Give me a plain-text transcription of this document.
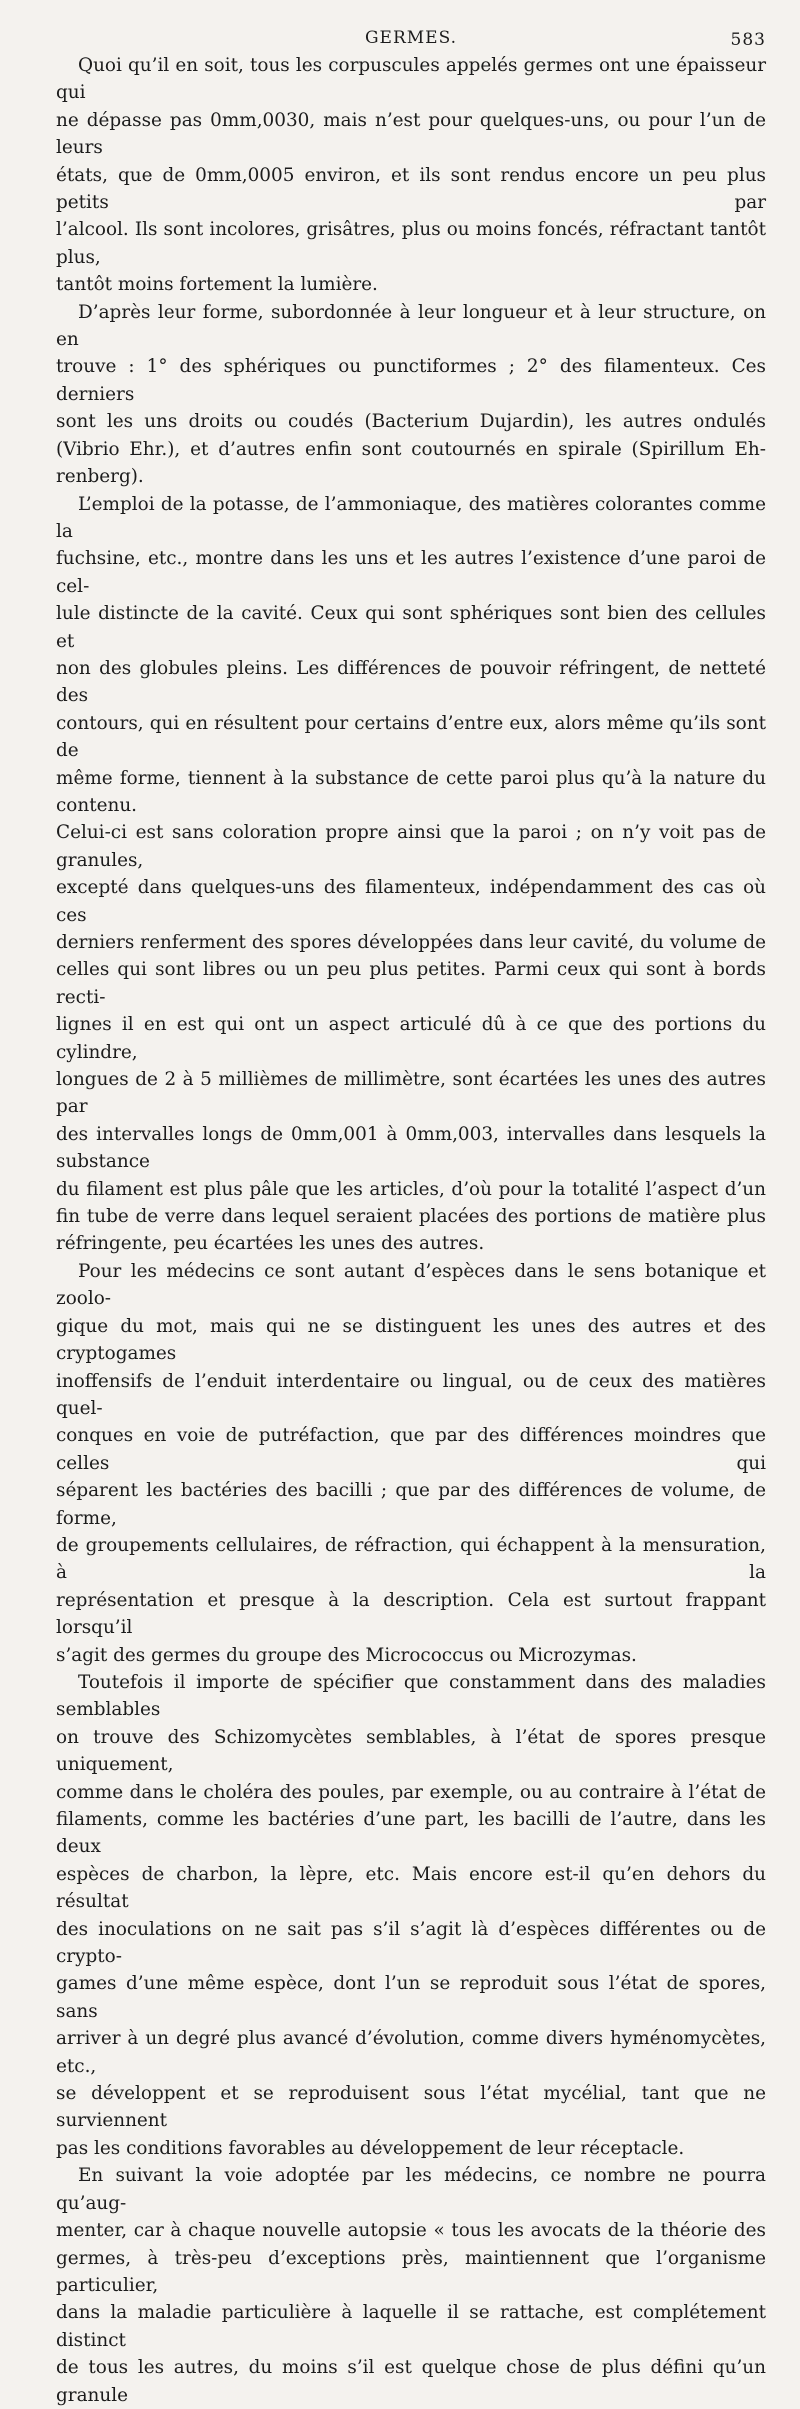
GERMES.	583

Quoi qu’il en soit, tous les corpuscules appelés germes ont une épaisseur qui
ne dépasse pas 0mm,0030, mais n’est pour quelques-uns, ou pour l’un de leurs
états, que de 0mm,0005 environ, et ils sont rendus encore un peu plus petits par
l’alcool. Ils sont incolores, grisâtres, plus ou moins foncés, réfractant tantôt plus,
tantôt moins fortement la lumière.

D’après leur forme, subordonnée à leur longueur et à leur structure, on en
trouve : 1° des sphériques ou punctiformes ; 2° des filamenteux. Ces derniers
sont les uns droits ou coudés (Bacterium Dujardin), les autres ondulés
(Vibrio Ehr.), et d’autres enfin sont coutournés en spirale (Spirillum Eh-
renberg).

L’emploi de la potasse, de l’ammoniaque, des matières colorantes comme la
fuchsine, etc., montre dans les uns et les autres l’existence d’une paroi de cel-
lule distincte de la cavité. Ceux qui sont sphériques sont bien des cellules et
non des globules pleins. Les différences de pouvoir réfringent, de netteté des
contours, qui en résultent pour certains d’entre eux, alors même qu’ils sont de
même forme, tiennent à la substance de cette paroi plus qu’à la nature du contenu.
Celui-ci est sans coloration propre ainsi que la paroi ; on n’y voit pas de granules,
excepté dans quelques-uns des filamenteux, indépendamment des cas où ces
derniers renferment des spores développées dans leur cavité, du volume de
celles qui sont libres ou un peu plus petites. Parmi ceux qui sont à bords recti-
lignes il en est qui ont un aspect articulé dû à ce que des portions du cylindre,
longues de 2 à 5 millièmes de millimètre, sont écartées les unes des autres par
des intervalles longs de 0mm,001 à 0mm,003, intervalles dans lesquels la substance
du filament est plus pâle que les articles, d’où pour la totalité l’aspect d’un
fin tube de verre dans lequel seraient placées des portions de matière plus
réfringente, peu écartées les unes des autres.

Pour les médecins ce sont autant d’espèces dans le sens botanique et zoolo-
gique du mot, mais qui ne se distinguent les unes des autres et des cryptogames
inoffensifs de l’enduit interdentaire ou lingual, ou de ceux des matières quel-
conques en voie de putréfaction, que par des différences moindres que celles qui
séparent les bactéries des bacilli ; que par des différences de volume, de forme,
de groupements cellulaires, de réfraction, qui échappent à la mensuration, à la
représentation et presque à la description. Cela est surtout frappant lorsqu’il
s’agit des germes du groupe des Micrococcus ou Microzymas.

Toutefois il importe de spécifier que constamment dans des maladies semblables
on trouve des Schizomycètes semblables, à l’état de spores presque uniquement,
comme dans le choléra des poules, par exemple, ou au contraire à l’état de
filaments, comme les bactéries d’une part, les bacilli de l’autre, dans les deux
espèces de charbon, la lèpre, etc. Mais encore est-il qu’en dehors du résultat
des inoculations on ne sait pas s’il s’agit là d’espèces différentes ou de crypto-
games d’une même espèce, dont l’un se reproduit sous l’état de spores, sans
arriver à un degré plus avancé d’évolution, comme divers hyménomycètes, etc.,
se développent et se reproduisent sous l’état mycélial, tant que ne surviennent
pas les conditions favorables au développement de leur réceptacle.

En suivant la voie adoptée par les médecins, ce nombre ne pourra qu’aug-
menter, car à chaque nouvelle autopsie « tous les avocats de la théorie des
germes, à très-peu d’exceptions près, maintiennent que l’organisme particulier,
dans la maladie particulière à laquelle il se rattache, est complétement distinct
de tous les autres, du moins s’il est quelque chose de plus défini qu’un granule
